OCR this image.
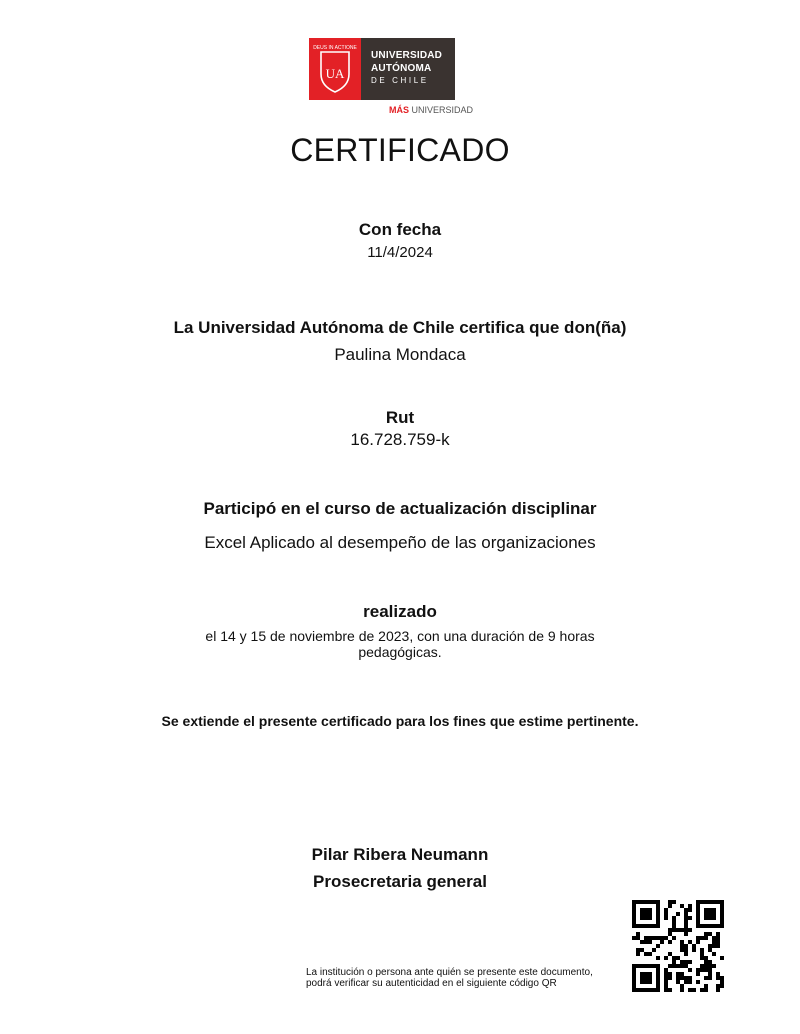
DEUS IN ACTIONE
UA
UNIVERSIDAD
AUTÓNOMA
DE CHILE
MÁS UNIVERSIDAD
CERTIFICADO
Con fecha
11/4/2024
La Universidad Autónoma de Chile certifica que don(ña)
Paulina Mondaca
Rut
16.728.759-k
Participó en el curso de actualización disciplinar
Excel Aplicado al desempeño de las organizaciones
realizado
el 14 y 15 de noviembre de 2023, con una duración de 9 horas
pedagógicas.
Se extiende el presente certificado para los fines que estime pertinente.
Pilar Ribera Neumann
Prosecretaria general
La institución o persona ante quién se presente este documento,
podrá verificar su autenticidad en el siguiente código QR
